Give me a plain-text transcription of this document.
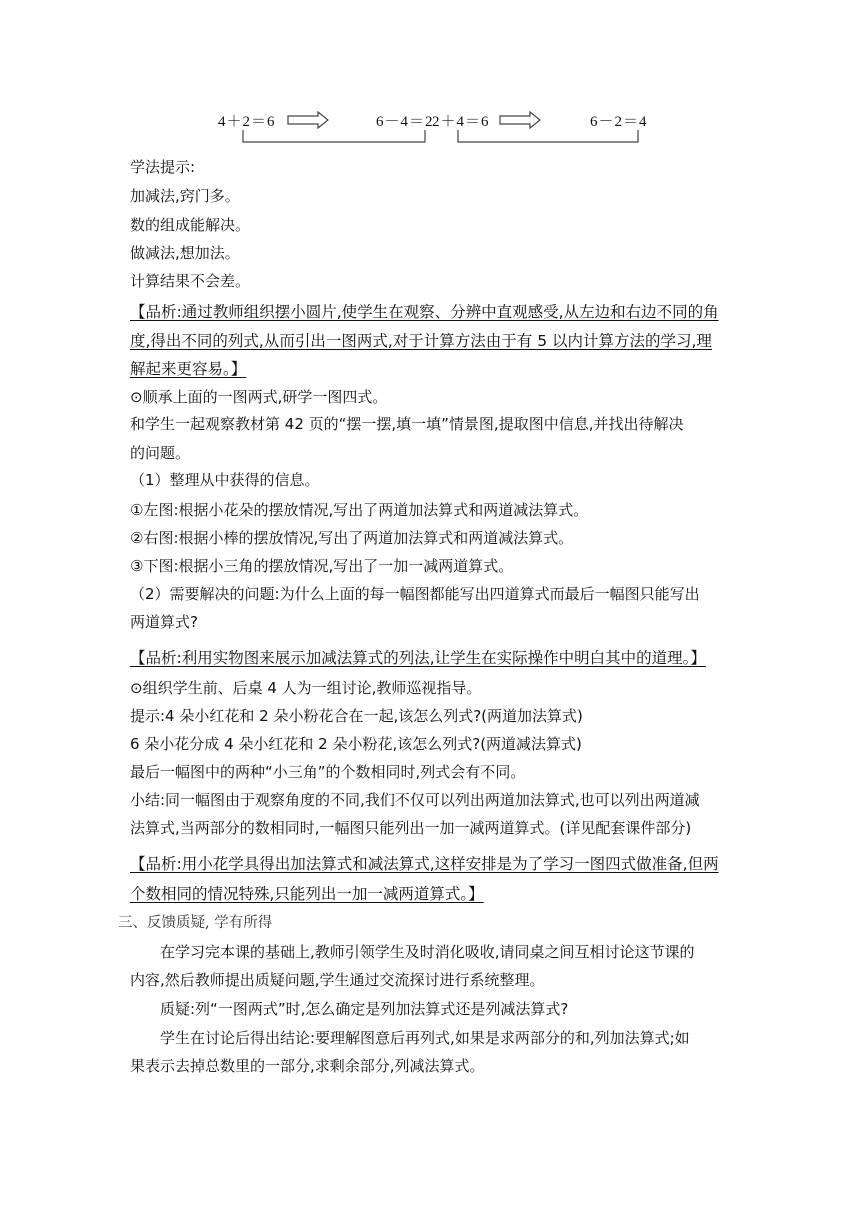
4＋2＝6	6－4＝2
2＋4＝6	6－2＝4
学法提示:
加减法,窍门多。
数的组成能解决。
做减法,想加法。
计算结果不会差。
【品析:通过教师组织摆小圆片,使学生在观察、分辨中直观感受,从左边和右边不同的角
度,得出不同的列式,从而引出一图两式,对于计算方法由于有 5 以内计算方法的学习,理
解起来更容易。】
⊙顺承上面的一图两式,研学一图四式。
和学生一起观察教材第 42 页的“摆一摆,填一填”情景图,提取图中信息,并找出待解决
的问题。
（1）整理从中获得的信息。
①左图:根据小花朵的摆放情况,写出了两道加法算式和两道减法算式。
②右图:根据小棒的摆放情况,写出了两道加法算式和两道减法算式。
③下图:根据小三角的摆放情况,写出了一加一减两道算式。
（2）需要解决的问题:为什么上面的每一幅图都能写出四道算式而最后一幅图只能写出
两道算式?
【品析:利用实物图来展示加减法算式的列法,让学生在实际操作中明白其中的道理。】
⊙组织学生前、后桌 4 人为一组讨论,教师巡视指导。
提示:4 朵小红花和 2 朵小粉花合在一起,该怎么列式?(两道加法算式)
6 朵小花分成 4 朵小红花和 2 朵小粉花,该怎么列式?(两道减法算式)
最后一幅图中的两种“小三角”的个数相同时,列式会有不同。
小结:同一幅图由于观察角度的不同,我们不仅可以列出两道加法算式,也可以列出两道减
法算式,当两部分的数相同时,一幅图只能列出一加一减两道算式。(详见配套课件部分)
【品析:用小花学具得出加法算式和减法算式,这样安排是为了学习一图四式做准备,但两
个数相同的情况特殊,只能列出一加一减两道算式。】
三、反馈质疑, 学有所得
在学习完本课的基础上,教师引领学生及时消化吸收,请同桌之间互相讨论这节课的
内容,然后教师提出质疑问题,学生通过交流探讨进行系统整理。
质疑:列“一图两式”时,怎么确定是列加法算式还是列减法算式?
学生在讨论后得出结论:要理解图意后再列式,如果是求两部分的和,列加法算式;如
果表示去掉总数里的一部分,求剩余部分,列减法算式。
